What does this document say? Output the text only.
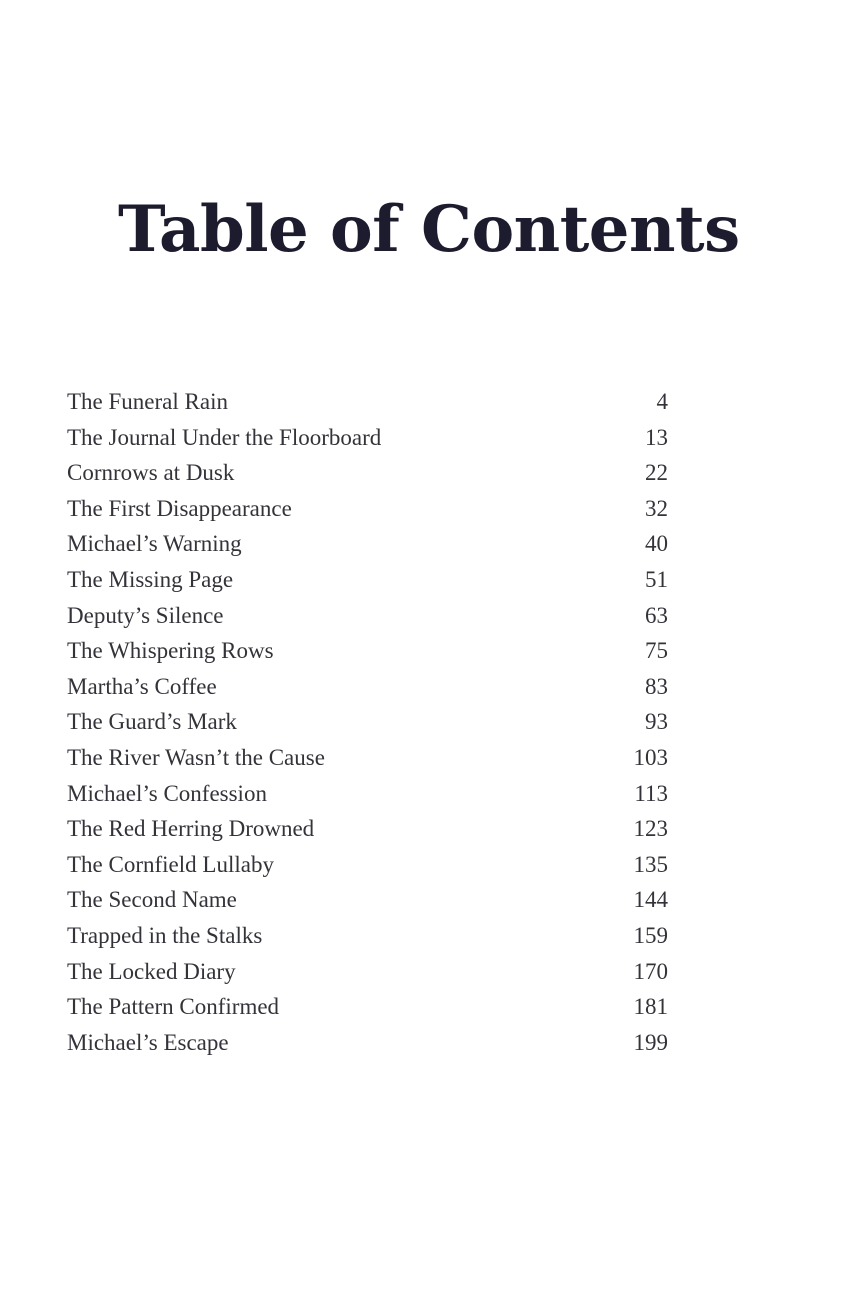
Table of Contents
The Funeral Rain	4
The Journal Under the Floorboard	13
Cornrows at Dusk	22
The First Disappearance	32
Michael’s Warning	40
The Missing Page	51
Deputy’s Silence	63
The Whispering Rows	75
Martha’s Coffee	83
The Guard’s Mark	93
The River Wasn’t the Cause	103
Michael’s Confession	113
The Red Herring Drowned	123
The Cornfield Lullaby	135
The Second Name	144
Trapped in the Stalks	159
The Locked Diary	170
The Pattern Confirmed	181
Michael’s Escape	199
